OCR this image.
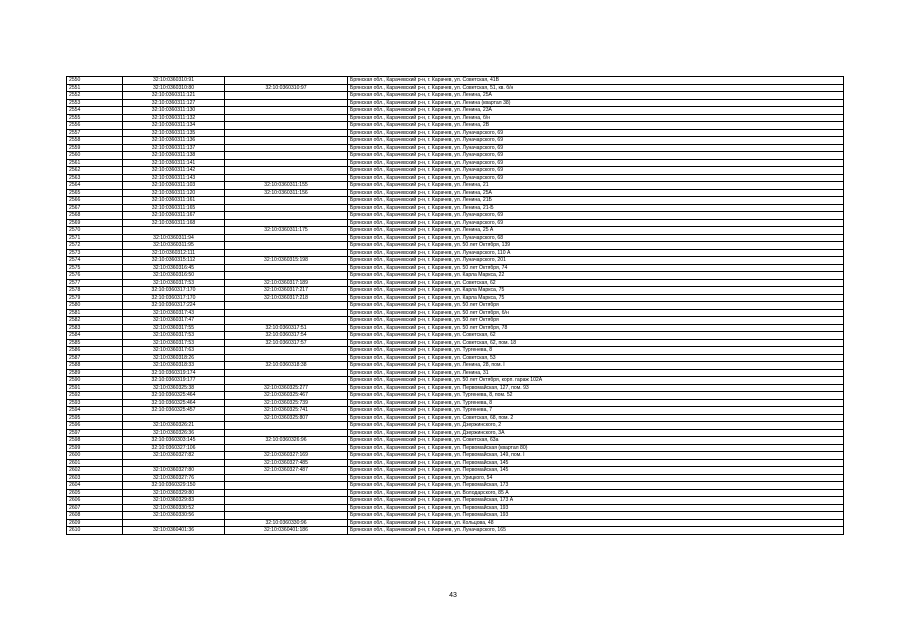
2550	32:10:0360310:91		Брянская обл., Карачевский р-н, г. Карачев, ул. Советская, 41В
2551	32:10:0360310:80	32:10:0360310:97	Брянская обл., Карачевский р-н, г. Карачев, ул. Советская, 51, кв. б/н
2552	32:10:0360311:121		Брянская обл., Карачевский р-н, г. Карачев, ул. Ленина, 25А
2553	32:10:0360311:127		Брянская обл., Карачевский р-н, г. Карачев, ул. Ленина (квартал 38)
2554	32:10:0360311:130		Брянская обл., Карачевский р-н, г. Карачев, ул. Ленина, 23А
2555	32:10:0360311:132		Брянская обл., Карачевский р-н, г. Карачев, ул. Ленина, б/н
2556	32:10:0360311:134		Брянская обл., Карачевский р-н, г. Карачев, ул. Ленина, 2В
2557	32:10:0360311:135		Брянская обл., Карачевский р-н, г. Карачев, ул. Луначарского, 69
2558	32:10:0360311:136		Брянская обл., Карачевский р-н, г. Карачев, ул. Луначарского, 69
2559	32:10:0360311:137		Брянская обл., Карачевский р-н, г. Карачев, ул. Луначарского, 69
2560	32:10:0360311:138		Брянская обл., Карачевский р-н, г. Карачев, ул. Луначарского, 69
2561	32:10:0360311:141		Брянская обл., Карачевский р-н, г. Карачев, ул. Луначарского, 69
2562	32:10:0360311:142		Брянская обл., Карачевский р-н, г. Карачев, ул. Луначарского, 69
2563	32:10:0360311:143		Брянская обл., Карачевский р-н, г. Карачев, ул. Луначарского, 69
2564	32:10:0360311:103	32:10:0360311:155	Брянская обл., Карачевский р-н, г. Карачев, ул. Ленина, 21
2565	32:10:0360311:120	32:10:0360311:156	Брянская обл., Карачевский р-н, г. Карачев, ул. Ленина, 25А
2566	32:10:0360311:161		Брянская обл., Карачевский р-н, г. Карачев, ул. Ленина, 21Б
2567	32:10:0360311:165		Брянская обл., Карачевский р-н, г. Карачев, ул. Ленина, 21-Б
2568	32:10:0360311:167		Брянская обл., Карачевский р-н, г. Карачев, ул. Луначарского, 69
2569	32:10:0360311:168		Брянская обл., Карачевский р-н, г. Карачев, ул. Луначарского, 69
2570		32:10:0360311:175	Брянская обл., Карачевский р-н, г. Карачев, ул. Ленина, 25 А
2571	32:10:0360311:94		Брянская обл., Карачевский р-н, г. Карачев, ул. Луначарского, 68
2572	32:10:0360311:95		Брянская обл., Карачевский р-н, г. Карачев, ул. 50 лет Октября, 139
2573	32:10:0360312:111		Брянская обл., Карачевский р-н, г. Карачев, ул. Луначарского, 110 А
2574	32:10:0360315:112	32:10:0360315:198	Брянская обл., Карачевский р-н, г. Карачев, ул. Луначарского, 201
2575	32:10:0360316:45		Брянская обл., Карачевский р-н, г. Карачев, ул. 50 лет Октября, 74
2576	32:10:0360316:50		Брянская обл., Карачевский р-н, г. Карачев, ул. Карла Маркса, 22
2577	32:10:0360317:53	32:10:0360317:189	Брянская обл., Карачевский р-н, г. Карачев, ул. Советская, 62
2578	32:10:0360317:170	32:10:0360317:217	Брянская обл., Карачевский р-н, г. Карачев, ул. Карла Маркса, 75
2579	32:10:0360317:170	32:10:0360317:218	Брянская обл., Карачевский р-н, г. Карачев, ул. Карла Маркса, 75
2580	32:10:0360317:224		Брянская обл., Карачевский р-н, г. Карачев, ул. 50 лет Октября
2581	32:10:0360317:43		Брянская обл., Карачевский р-н, г. Карачев, ул. 50 лет Октября, б/н
2582	32:10:0360317:47		Брянская обл., Карачевский р-н, г. Карачев, ул. 50 лет Октября
2583	32:10:0360317:55	32:10:0360317:51	Брянская обл., Карачевский р-н, г. Карачев, ул. 50 лет Октября, 78
2584	32:10:0360317:53	32:10:0360317:54	Брянская обл., Карачевский р-н, г. Карачев, ул. Советская, 62
2585	32:10:0360317:53	32:10:0360317:57	Брянская обл., Карачевский р-н, г. Карачев, ул. Советская, 62, пом. 18
2586	32:10:0360317:63		Брянская обл., Карачевский р-н, г. Карачев, ул. Тургенева, 8
2587	32:10:0360318:26		Брянская обл., Карачевский р-н, г. Карачев, ул. Советская, 53
2588	32:10:0360318:33	32:10:0360318:38	Брянская обл., Карачевский р-н, г. Карачев, ул. Ленина, 28, пом. I
2589	32:10:0360319:174		Брянская обл., Карачевский р-н, г. Карачев, ул. Ленина, 31
2590	32:10:0360319:177		Брянская обл., Карачевский р-н, г. Карачев, ул. 50 лет Октября, корп. гараж 102А
2591	32:10:0360325:38	32:10:0360325:277	Брянская обл., Карачевский р-н, г. Карачев, ул. Первомайская, 127, пом. 93
2592	32:10:0360325:464	32:10:0360325:467	Брянская обл., Карачевский р-н, г. Карачев, ул. Тургенева, 8, пом. 52
2593	32:10:0360325:464	32:10:0360325:739	Брянская обл., Карачевский р-н, г. Карачев, ул. Тургенева, 8
2594	32:10:0360325:457	32:10:0360325:741	Брянская обл., Карачевский р-н, г. Карачев, ул. Тургенева, 7
2595		32:10:0360325:807	Брянская обл., Карачевский р-н, г. Карачев, ул. Советская, 68, пом. 2
2596	32:10:0360326:21		Брянская обл., Карачевский р-н, г. Карачев, ул. Дзержинского, 2
2597	32:10:0360326:36		Брянская обл., Карачевский р-н, г. Карачев, ул. Дзержинского, 3А
2598	32:10:0360303:145	32:10:0360326:96	Брянская обл., Карачевский р-н, г. Карачев, ул. Советская, 63а
2599	32:10:0360327:106		Брянская обл., Карачевский р-н, г. Карачев, ул. Первомайская (квартал 80)
2600	32:10:0360327:82	32:10:0360327:169	Брянская обл., Карачевский р-н, г. Карачев, ул. Первомайская, 149, пом. I
2601		32:10:0360327:485	Брянская обл., Карачевский р-н, г. Карачев, ул. Первомайская, 145
2602	32:10:0360327:80	32:10:0360327:487	Брянская обл., Карачевский р-н, г. Карачев, ул. Первомайская, 145
2603	32:10:0360327:76		Брянская обл., Карачевский р-н, г. Карачев, ул. Урицкого, 54
2604	32:10:0360329:150		Брянская обл., Карачевский р-н, г. Карачев, ул. Первомайская, 173
2605	32:10:0360329:80		Брянская обл., Карачевский р-н, г. Карачев, ул. Володарского, 85 А
2606	32:10:0360329:83		Брянская обл., Карачевский р-н, г. Карачев, ул. Первомайская, 173 А
2607	32:10:0360330:52		Брянская обл., Карачевский р-н, г. Карачев, ул. Первомайская, 193
2608	32:10:0360330:56		Брянская обл., Карачевский р-н, г. Карачев, ул. Первомайская, 193
2609		32:10:0360330:96	Брянская обл., Карачевский р-н, г. Карачев, ул. Кольцова, 48
2610	32:10:0360401:36	32:10:0360401:186	Брянская обл., Карачевский р-н, г. Карачев, ул. Луначарского, 165
43
